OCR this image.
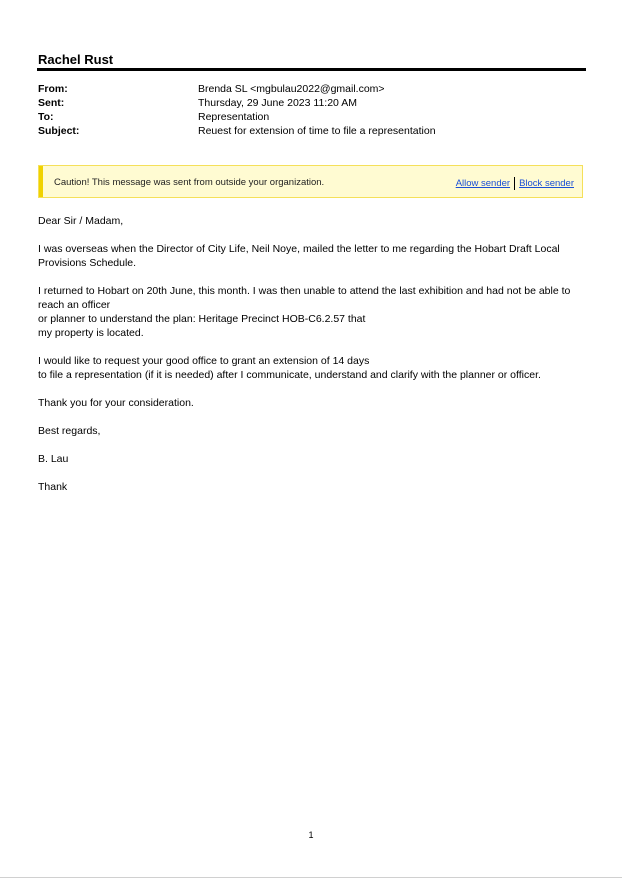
Rachel Rust
From:	Brenda SL <mgbulau2022@gmail.com>
Sent:	Thursday, 29 June 2023 11:20 AM
To:	Representation
Subject:	Reuest for extension of time to file a representation
Caution! This message was sent from outside your organization.	Allow sender Block sender
Dear Sir / Madam,
I was overseas when the Director of City Life, Neil Noye, mailed the letter to me regarding the Hobart Draft Local
Provisions Schedule.
I returned to Hobart on 20th June, this month. I was then unable to attend the last exhibition and had not be able to
reach an officer
or planner to understand the plan: Heritage Precinct HOB-C6.2.57 that
my property is located.
I would like to request your good office to grant an extension of 14 days
to file a representation (if it is needed) after I communicate, understand and clarify with the planner or officer.
Thank you for your consideration.
Best regards,
B. Lau
Thank
1
